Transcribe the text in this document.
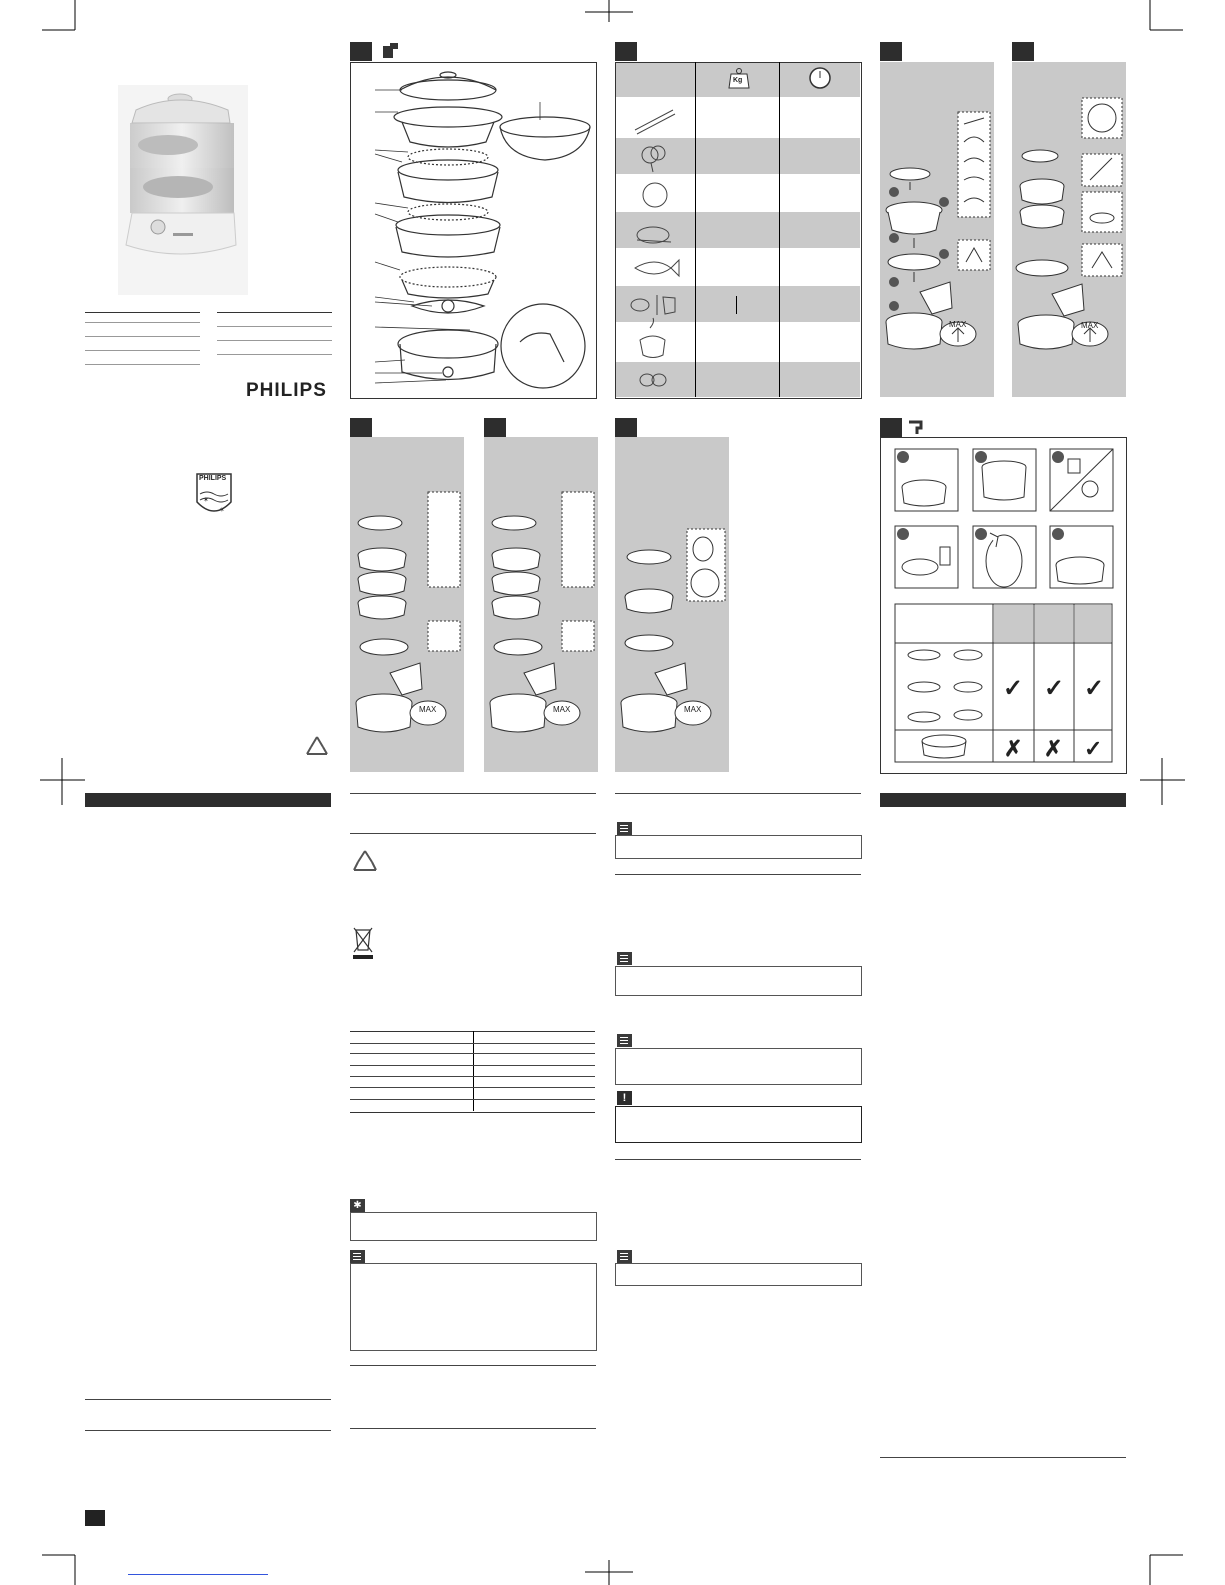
PHILIPS
✶
✶
PHILIPS
Kg
MAX	MAX
MAX	MAX	MAX
✓ ✓ ✓
✗ ✗ ✓
✱
!
